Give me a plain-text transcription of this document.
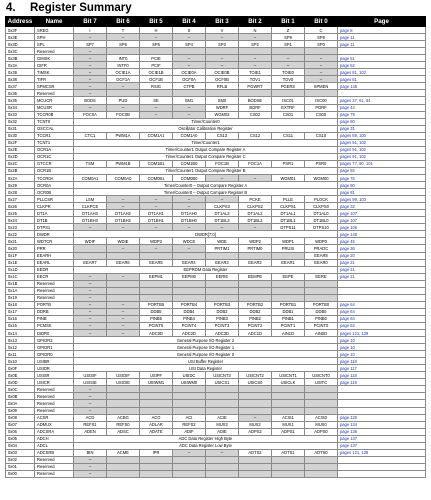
4. Register Summary
Address	Name	Bit 7	Bit 6	Bit 5	Bit 4	Bit 3	Bit 2	Bit 1	Bit 0	Page
0x3F	SREG	I	T	H	S	V	N	Z	C	page 8
0x3E	SPH	–	–	–	–	–	–	SP9	SP8	page 11
0x3D	SPL	SP7	SP6	SP5	SP4	SP3	SP2	SP1	SP0	page 11
0x3C	Reserved	–								
0x3B	GIMSK	–	INT0	PCIE	–	–	–	–	–	page 51
0x3A	GIFR	–	INTF0	PCIF	–	–	–	–	–	page 52
0x39	TIMSK	–	OCIE1A	OCIE1B	OCIE0A	OCIE0B	TOIE1	TOIE0	–	pages 81, 102
0x38	TIFR	–	OCF1A	OCF1B	OCF0A	OCF0B	TOV1	TOV0	–	pages 81
0x37	SPMCSR	–	–	RSIG	CTPB	RFLB	PGWRT	PGERS	SPMEN	page 145
0x36	Reserved	–								
0x35	MCUCR	BODS	PUD	SE	SM1	SM0	BODSE	ISC01	ISC00	pages 37, 61, 64
0x34	MCUSR	–	–	–	–	WDRF	BORF	EXTRF	PORF	page 44
0x33	TCCR0B	FOC0A	FOC0B	–	–	WGM02	CS02	CS01	CS00	page 79
0x32	TCNT0	Timer/Counter0								page 80
0x31	OSCCAL	Oscillator Calibration Register								page 31
0x30	TCCR1	CTC1	PWM1A	COM1A1	COM1A0	CS13	CS12	CS11	CS10	pages 89, 100
0x2F	TCNT1	Timer/Counter1								pages 91, 102
0x2E	OCR1A	Timer/Counter1 Output Compare Register A								pages 91, 102
0x2D	OCR1C	Timer/Counter1 Output Compare Register C								pages 91, 102
0x2C	GTCCR	TSM	PWM1B	COM1B1	COM1B0	FOC1B	FOC1A	PSR1	PSR0	pages 77, 90, 101
0x2B	OCR1B	Timer/Counter1 Output Compare Register B								page 92
0x2A	TCCR0A	COM0A1	COM0A0	COM0B1	COM0B0	–	–	WGM01	WGM00	page 76
0x29	OCR0A	Timer/Counter0 – Output Compare Register A								page 80
0x28	OCR0B	Timer/Counter0 – Output Compare Register B								page 81
0x27	PLLCSR	LSM	–	–	–	–	PCKE	PLLE	PLOCK	pages 99, 103
0x26	CLKPR	CLKPCE	–	–	–	CLKPS3	CLKPS2	CLKPS1	CLKPS0	page 32
0x25	DT1A	DT1AH3	DT1AH2	DT1AH1	DT1AH0	DT1AL3	DT1AL2	DT1AL1	DT1AL0	page 107
0x24	DT1B	DT1BH3	DT1BH2	DT1BH1	DT1BH0	DT1BL3	DT1BL2	DT1BL1	DT1BL0	page 107
0x23	DTPS1	–	–	–	–	–	–	DTPS11	DTPS10	page 106
0x22	DWDR	DWDR[7:0]								page 140
0x21	WDTCR	WDIF	WDIE	WDP3	WDCE	WDE	WDP2	WDP1	WDP0	page 45
0x20	PRR		–	–	–	PRTIM1	PRTIM0	PRUSI	PRADC	page 36
0x1F	EEARH								EEAR8	page 20
0x1E	EEARL	EEAR7	EEAR6	EEAR5	EEAR4	EEAR3	EEAR2	EEAR1	EEAR0	page 21
0x1D	EEDR	EEPROM Data Register								page 21
0x1C	EECR	–	–	EEPM1	EEPM0	EERIE	EEMPE	EEPE	EERE	page 21
0x1B	Reserved	–								
0x1A	Reserved	–								
0x19	Reserved	–								
0x18	PORTB	–	–	PORTB5	PORTB4	PORTB3	PORTB2	PORTB1	PORTB0	page 64
0x17	DDRB	–	–	DDB5	DDB4	DDB3	DDB2	DDB1	DDB0	page 64
0x16	PINB	–	–	PINB5	PINB4	PINB3	PINB2	PINB1	PINB0	page 64
0x15	PCMSK	–	–	PCINT5	PCINT4	PCINT3	PCINT2	PCINT1	PCINT0	page 52
0x14	DIDR0	–	–	ADC0D	ADC2D	ADC3D	ADC1D	AIN1D	AIN0D	pages 121, 138
0x13	GPIOR2	General Purpose I/O Register 2								page 10
0x12	GPIOR1	General Purpose I/O Register 1								page 10
0x11	GPIOR0	General Purpose I/O Register 0								page 10
0x10	USIBR	USI Buffer Register								page 118
0x0F	USIDR	USI Data Register								page 117
0x0E	USISR	USISIF	USIOIF	USIPF	USIDC	USICNT3	USICNT2	USICNT1	USICNT0	page 118
0x0D	USICR	USISIE	USIOIE	USIWM1	USIWM0	USICS1	USICS0	USICLK	USITC	page 119
0x0C	Reserved	–								
0x0B	Reserved	–								
0x0A	Reserved	–								
0x09	Reserved	–								
0x08	ACSR	ACD	ACBG	ACO	ACI	ACIE	–	ACIS1	ACIS0	page 120
0x07	ADMUX	REFS1	REFS0	ADLAR	REFS2	MUX3	MUX2	MUX1	MUX0	page 134
0x06	ADCSRA	ADEN	ADSC	ADATE	ADIF	ADIE	ADPS2	ADPS1	ADPS0	page 136
0x05	ADCH	ADC Data Register High Byte								page 137
0x04	ADCL	ADC Data Register Low Byte								page 137
0x03	ADCSRB	BIN	ACME	IPR	–	–	ADTS2	ADTS1	ADTS0	pages 121, 138
0x02	Reserved	–								
0x01	Reserved	–								
0x00	Reserved	–								
